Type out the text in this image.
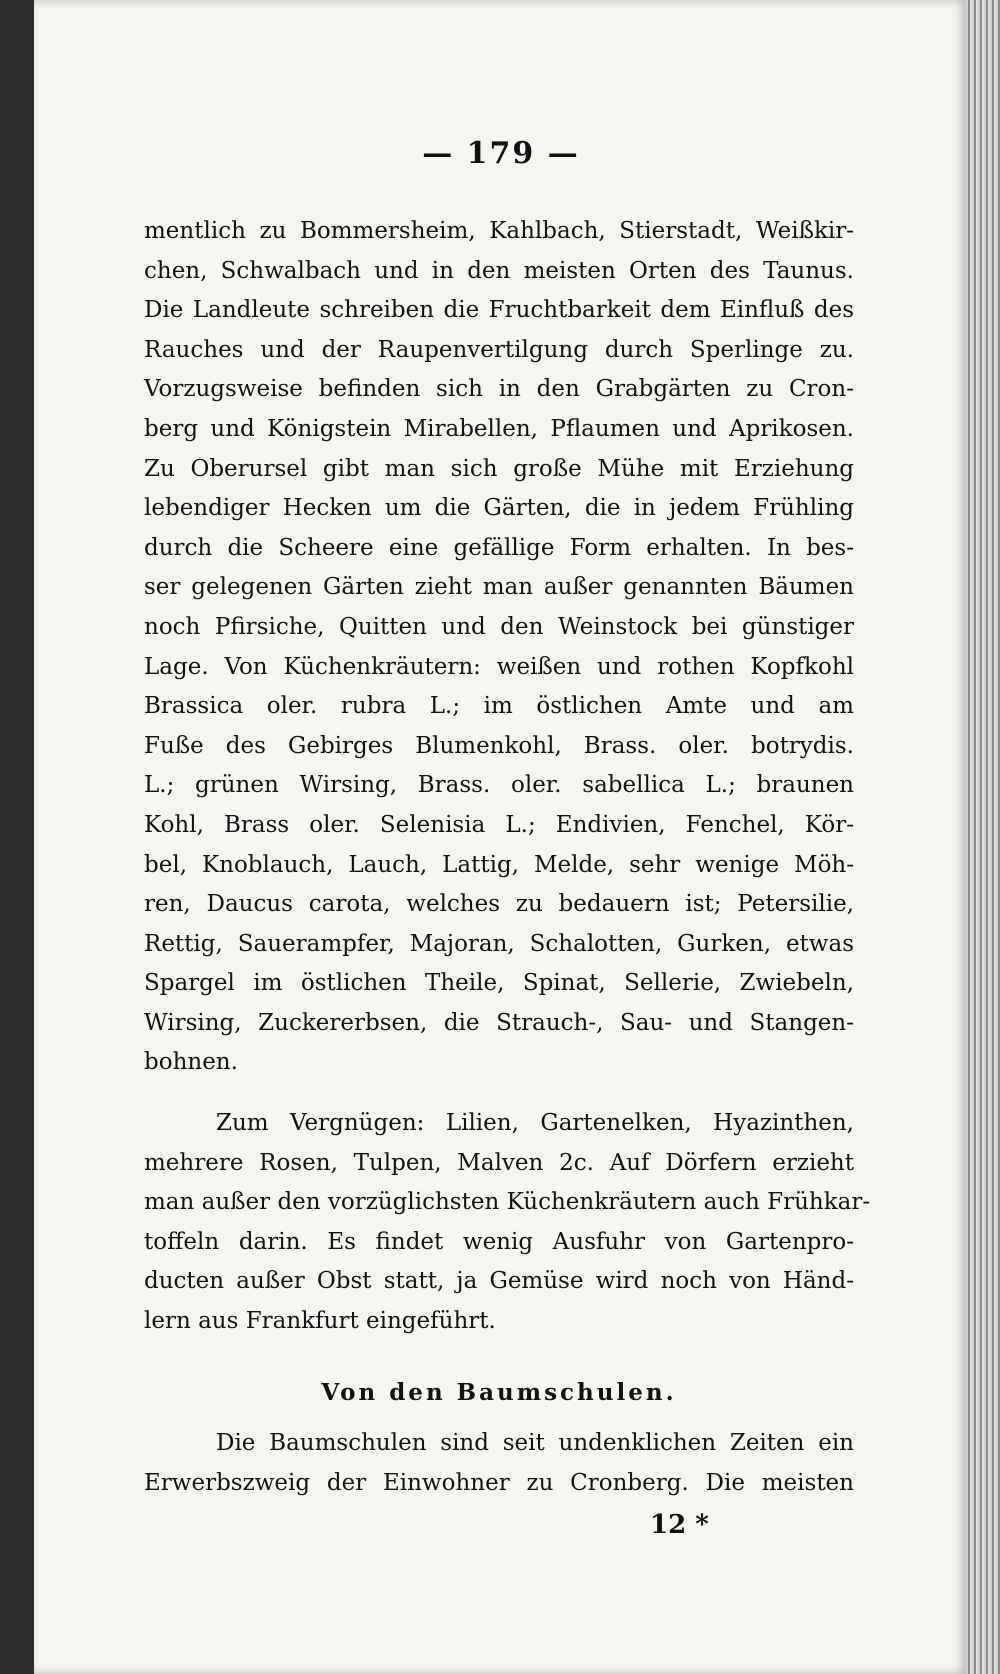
— 179 —
mentlich zu Bommersheim, Kahlbach, Stierstadt, Weißkir-
chen, Schwalbach und in den meisten Orten des Taunus.
Die Landleute schreiben die Fruchtbarkeit dem Einfluß des
Rauches und der Raupenvertilgung durch Sperlinge zu.
Vorzugsweise befinden sich in den Grabgärten zu Cron-
berg und Königstein Mirabellen, Pflaumen und Aprikosen.
Zu Oberursel gibt man sich große Mühe mit Erziehung
lebendiger Hecken um die Gärten, die in jedem Frühling
durch die Scheere eine gefällige Form erhalten. In bes-
ser gelegenen Gärten zieht man außer genannten Bäumen
noch Pfirsiche, Quitten und den Weinstock bei günstiger
Lage. Von Küchenkräutern: weißen und rothen Kopfkohl
Brassica oler. rubra L.; im östlichen Amte und am
Fuße des Gebirges Blumenkohl, Brass. oler. botrydis.
L.; grünen Wirsing, Brass. oler. sabellica L.; braunen
Kohl, Brass oler. Selenisia L.; Endivien, Fenchel, Kör-
bel, Knoblauch, Lauch, Lattig, Melde, sehr wenige Möh-
ren, Daucus carota, welches zu bedauern ist; Petersilie,
Rettig, Sauerampfer, Majoran, Schalotten, Gurken, etwas
Spargel im östlichen Theile, Spinat, Sellerie, Zwiebeln,
Wirsing, Zuckererbsen, die Strauch-, Sau- und Stangen-
bohnen.
Zum Vergnügen: Lilien, Gartenelken, Hyazinthen,
mehrere Rosen, Tulpen, Malven 2c. Auf Dörfern erzieht
man außer den vorzüglichsten Küchenkräutern auch Frühkar-
toffeln darin. Es findet wenig Ausfuhr von Gartenpro-
ducten außer Obst statt, ja Gemüse wird noch von Händ-
lern aus Frankfurt eingeführt.
Von den Baumschulen.
Die Baumschulen sind seit undenklichen Zeiten ein
Erwerbszweig der Einwohner zu Cronberg. Die meisten
12 *
